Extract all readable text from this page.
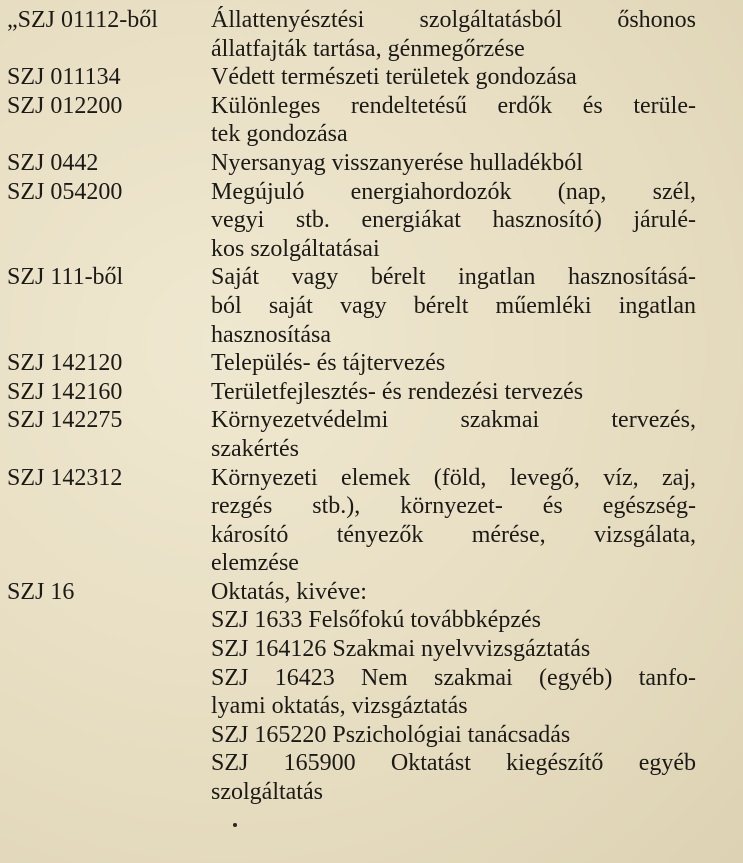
„SZJ 01112-ből	Állattenyésztési szolgáltatásból őshonos
állatfajták tartása, génmegőrzése
SZJ 011134	Védett természeti területek gondozása
SZJ 012200	Különleges rendeltetésű erdők és terüle-
tek gondozása
SZJ 0442	Nyersanyag visszanyerése hulladékból
SZJ 054200	Megújuló energiahordozók (nap, szél,
vegyi stb. energiákat hasznosító) járulé-
kos szolgáltatásai
SZJ 111-ből	Saját vagy bérelt ingatlan hasznosításá-
ból saját vagy bérelt műemléki ingatlan
hasznosítása
SZJ 142120	Település- és tájtervezés
SZJ 142160	Területfejlesztés- és rendezési tervezés
SZJ 142275	Környezetvédelmi szakmai tervezés,
szakértés
SZJ 142312	Környezeti elemek (föld, levegő, víz, zaj,
rezgés stb.), környezet- és egészség-
károsító tényezők mérése, vizsgálata,
elemzése
SZJ 16	Oktatás, kivéve:
SZJ 1633 Felsőfokú továbbképzés
SZJ 164126 Szakmai nyelvvizsgáztatás
SZJ 16423 Nem szakmai (egyéb) tanfo-
lyami oktatás, vizsgáztatás
SZJ 165220 Pszichológiai tanácsadás
SZJ 165900 Oktatást kiegészítő egyéb
szolgáltatás
